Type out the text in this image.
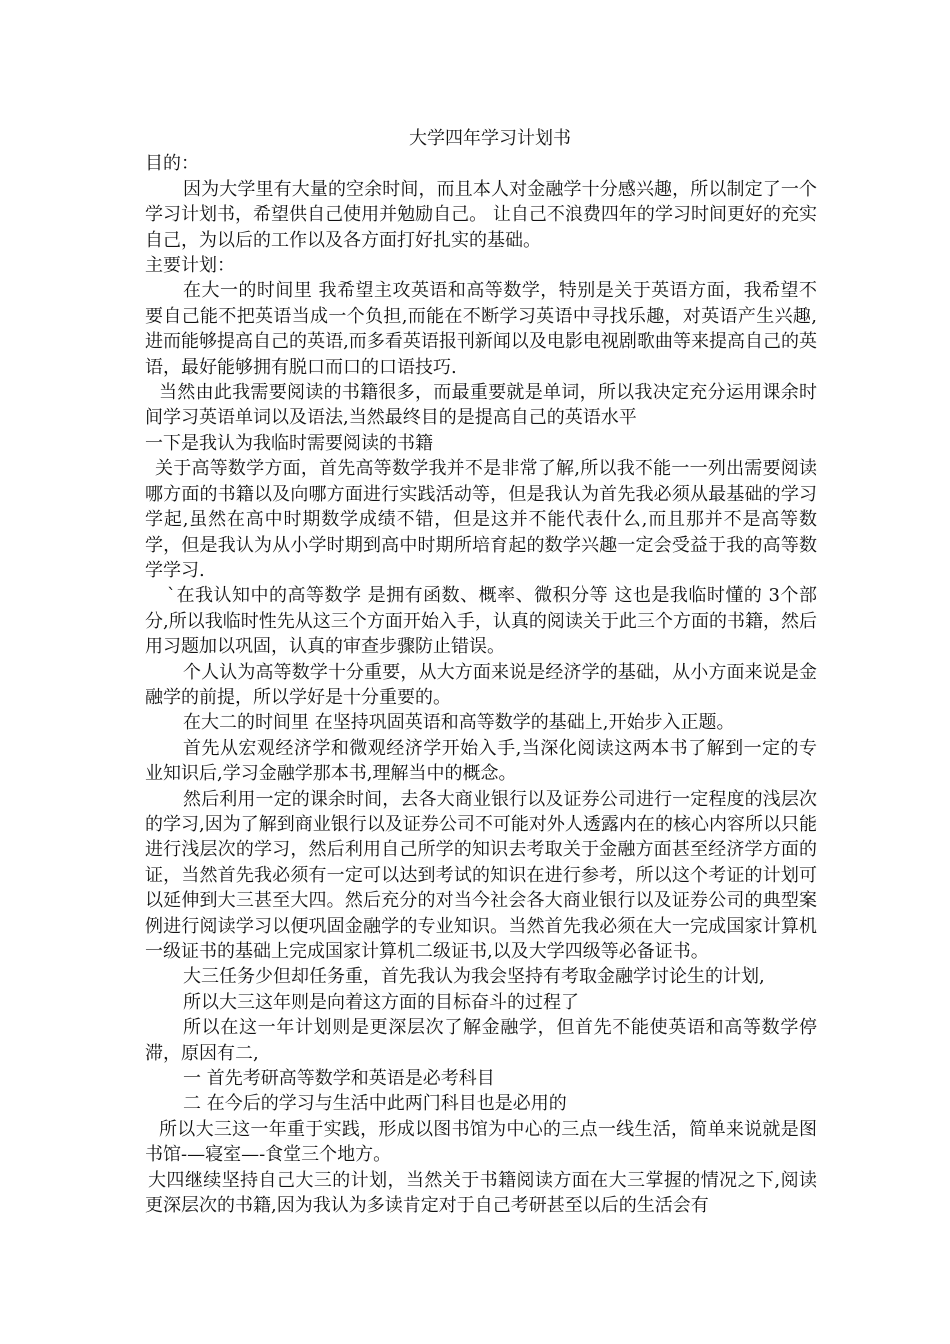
大学四年学习计划书

目的：

因为大学里有大量的空余时间，而且本人对金融学十分感兴趣，所以制定了一个学习计划书，希望供自己使用并勉励自己。 让自己不浪费四年的学习时间更好的充实自己，为以后的工作以及各方面打好扎实的基础。

主要计划：

在大一的时间里 我希望主攻英语和高等数学，特别是关于英语方面，我希望不要自己能不把英语当成一个负担,而能在不断学习英语中寻找乐趣，对英语产生兴趣,进而能够提高自己的英语,而多看英语报刊新闻以及电影电视剧歌曲等来提高自己的英语，最好能够拥有脱口而口的口语技巧.

当然由此我需要阅读的书籍很多，而最重要就是单词，所以我决定充分运用课余时间学习英语单词以及语法,当然最终目的是提高自己的英语水平

一下是我认为我临时需要阅读的书籍

关于高等数学方面，首先高等数学我并不是非常了解,所以我不能一一列出需要阅读哪方面的书籍以及向哪方面进行实践活动等，但是我认为首先我必须从最基础的学习学起,虽然在高中时期数学成绩不错，但是这并不能代表什么,而且那并不是高等数学，但是我认为从小学时期到高中时期所培育起的数学兴趣一定会受益于我的高等数学学习.

`在我认知中的高等数学 是拥有函数、概率、微积分等 这也是我临时懂的 3个部分,所以我临时性先从这三个方面开始入手，认真的阅读关于此三个方面的书籍，然后用习题加以巩固，认真的审查步骤防止错误。

个人认为高等数学十分重要，从大方面来说是经济学的基础，从小方面来说是金融学的前提，所以学好是十分重要的。

在大二的时间里 在坚持巩固英语和高等数学的基础上,开始步入正题。

首先从宏观经济学和微观经济学开始入手,当深化阅读这两本书了解到一定的专业知识后,学习金融学那本书,理解当中的概念。

然后利用一定的课余时间，去各大商业银行以及证券公司进行一定程度的浅层次的学习,因为了解到商业银行以及证券公司不可能对外人透露内在的核心内容所以只能进行浅层次的学习，然后利用自己所学的知识去考取关于金融方面甚至经济学方面的证，当然首先我必须有一定可以达到考试的知识在进行参考，所以这个考证的计划可以延伸到大三甚至大四。然后充分的对当今社会各大商业银行以及证券公司的典型案例进行阅读学习以便巩固金融学的专业知识。当然首先我必须在大一完成国家计算机一级证书的基础上完成国家计算机二级证书,以及大学四级等必备证书。

大三任务少但却任务重，首先我认为我会坚持有考取金融学讨论生的计划,

所以大三这年则是向着这方面的目标奋斗的过程了

所以在这一年计划则是更深层次了解金融学，但首先不能使英语和高等数学停滞，原因有二,

一 首先考研高等数学和英语是必考科目

二 在今后的学习与生活中此两门科目也是必用的

所以大三这一年重于实践，形成以图书馆为中心的三点一线生活，简单来说就是图书馆-—寝室—-食堂三个地方。

大四继续坚持自己大三的计划，当然关于书籍阅读方面在大三掌握的情况之下,阅读更深层次的书籍,因为我认为多读肯定对于自己考研甚至以后的生活会有
